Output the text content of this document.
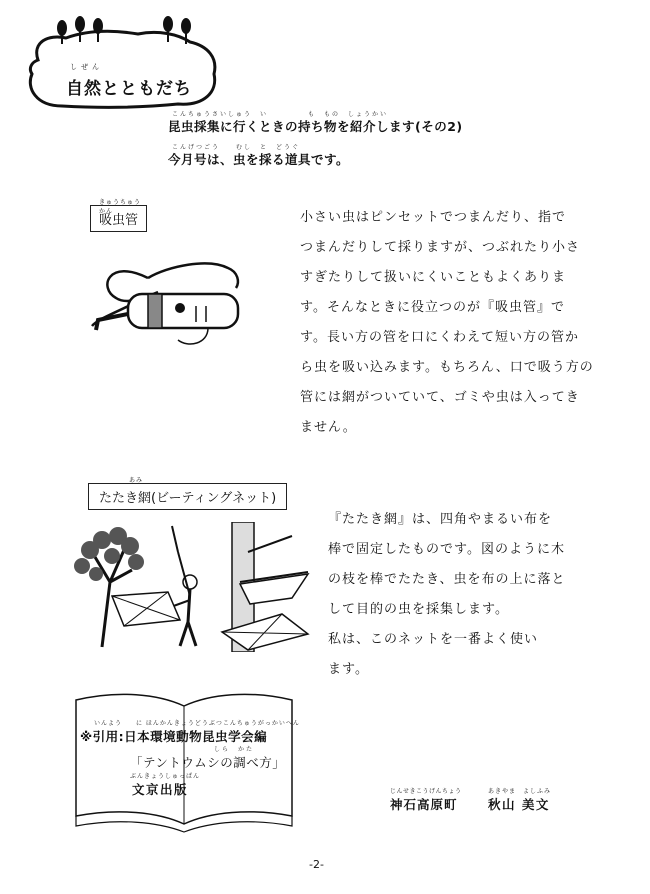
しぜん
自然とともだち
こんちゅうさいしゅう　い　　　　　も　もの　しょうかい
昆虫採集に行くときの持ち物を紹介します(その2)
こんげつごう　　むし　と　どうぐ
今月号は、虫を採る道具です。
きゅうちゅうかん
吸虫管	小さい虫はピンセットでつまんだり、指で
つまんだりして採りますが、つぶれたり小さ
すぎたりして扱いにくいこともよくありま
す。そんなときに役立つのが『吸虫管』で
す。長い方の管を口にくわえて短い方の管か
ら虫を吸い込みます。もちろん、口で吸う方の
管には網がついていて、ゴミや虫は入ってき
ません。
あみ
たたき網(ビーティングネット)
『たたき網』は、四角やまるい布を
棒で固定したものです。図のように木
の枝を棒でたたき、虫を布の上に落と
して目的の虫を採集します。
私は、このネットを一番よく使い
ます。
いんよう　　に ほんかんきょうどうぶつこんちゅうがっかいへん
※引用:日本環境動物昆虫学会編
しら　かた
「テントウムシの調べ方」
ぶんきょうしゅっぱん
文京出版	じんせきこうげんちょう
神石高原町
あきやま　よしふみ
秋山 美文
-2-
